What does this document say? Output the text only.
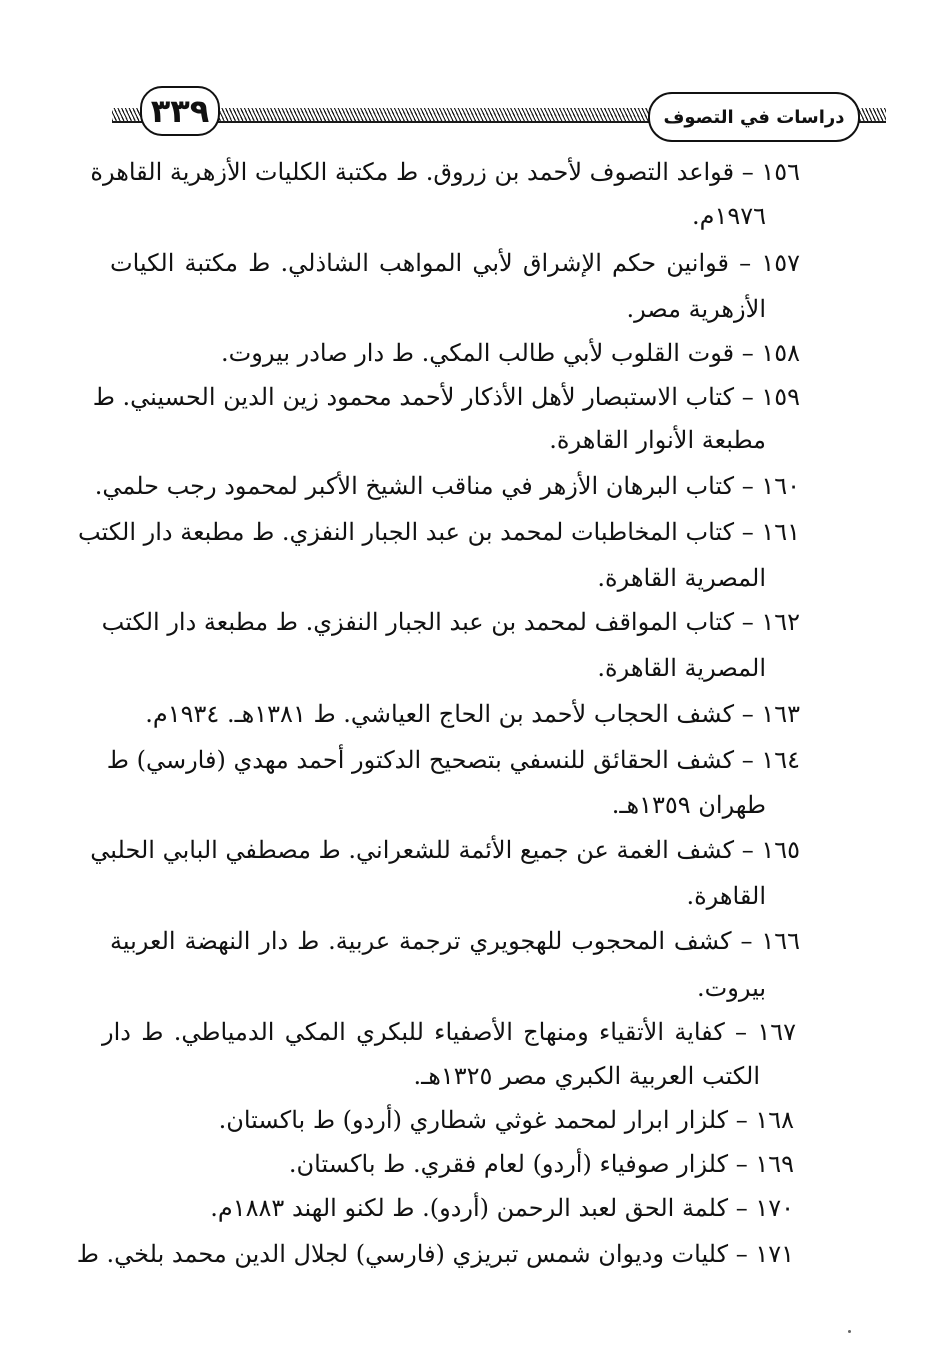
٣٣٩	دراسات في التصوف
١٥٦ – قواعد التصوف لأحمد بن زروق. ط مكتبة الكليات الأزهرية القاهرة
١٩٧٦م.
١٥٧ – قوانين حكم الإشراق لأبي المواهب الشاذلي. ط مكتبة الكيات
الأزهرية مصر.
١٥٨ – قوت القلوب لأبي طالب المكي. ط دار صادر بيروت.
١٥٩ – كتاب الاستبصار لأهل الأذكار لأحمد محمود زين الدين الحسيني. ط
مطبعة الأنوار القاهرة.
١٦٠ – كتاب البرهان الأزهر في مناقب الشيخ الأكبر لمحمود رجب حلمي.
١٦١ – كتاب المخاطبات لمحمد بن عبد الجبار النفزي. ط مطبعة دار الكتب
المصرية القاهرة.
١٦٢ – كتاب المواقف لمحمد بن عبد الجبار النفزي. ط مطبعة دار الكتب
المصرية القاهرة.
١٦٣ – كشف الحجاب لأحمد بن الحاج العياشي. ط ١٣٨١هـ. ١٩٣٤م.
١٦٤ – كشف الحقائق للنسفي بتصحيح الدكتور أحمد مهدي (فارسي) ط
طهران ١٣٥٩هـ.
١٦٥ – كشف الغمة عن جميع الأئمة للشعراني. ط مصطفي البابي الحلبي
القاهرة.
١٦٦ – كشف المحجوب للهجويري ترجمة عربية. ط دار النهضة العربية
بيروت.
١٦٧ – كفاية الأتقياء ومنهاج الأصفياء للبكري المكي الدمياطي. ط دار
الكتب العربية الكبري مصر ١٣٢٥هـ.
١٦٨ – كلزار ابرار لمحمد غوثي شطاري (أردو) ط باكستان.
١٦٩ – كلزار صوفياء (أردو) لعام فقري. ط باكستان.
١٧٠ – كلمة الحق لعبد الرحمن (أردو). ط لكنو الهند ١٨٨٣م.
١٧١ – كليات وديوان شمس تبريزي (فارسي) لجلال الدين محمد بلخي. ط
